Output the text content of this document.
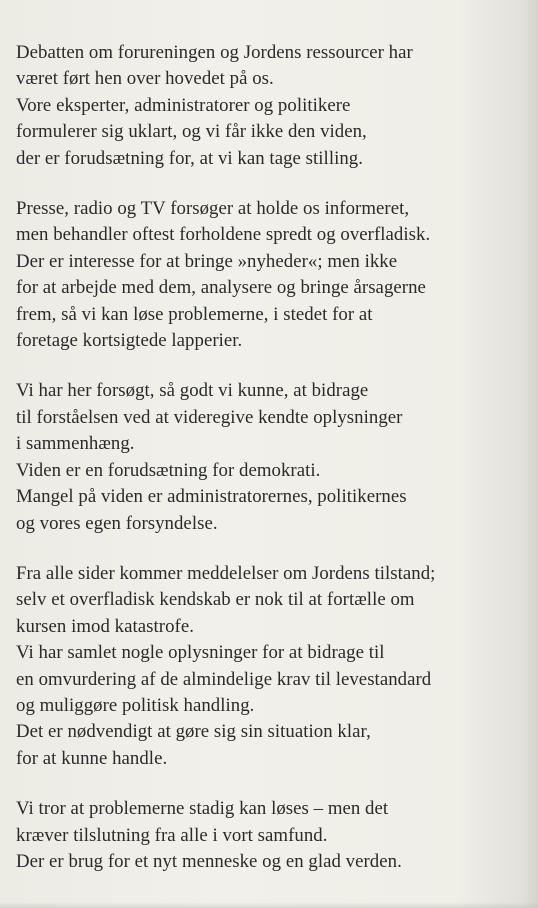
Debatten om forureningen og Jordens ressourcer har
været ført hen over hovedet på os.
Vore eksperter, administratorer og politikere
formulerer sig uklart, og vi får ikke den viden,
der er forudsætning for, at vi kan tage stilling.

Presse, radio og TV forsøger at holde os informeret,
men behandler oftest forholdene spredt og overfladisk.
Der er interesse for at bringe »nyheder«; men ikke
for at arbejde med dem, analysere og bringe årsagerne
frem, så vi kan løse problemerne, i stedet for at
foretage kortsigtede lapperier.

Vi har her forsøgt, så godt vi kunne, at bidrage
til forståelsen ved at videregive kendte oplysninger
i sammenhæng.
Viden er en forudsætning for demokrati.
Mangel på viden er administratorernes, politikernes
og vores egen forsyndelse.

Fra alle sider kommer meddelelser om Jordens tilstand;
selv et overfladisk kendskab er nok til at fortælle om
kursen imod katastrofe.
Vi har samlet nogle oplysninger for at bidrage til
en omvurdering af de almindelige krav til levestandard
og muliggøre politisk handling.
Det er nødvendigt at gøre sig sin situation klar,
for at kunne handle.

Vi tror at problemerne stadig kan løses – men det
kræver tilslutning fra alle i vort samfund.
Der er brug for et nyt menneske og en glad verden.
